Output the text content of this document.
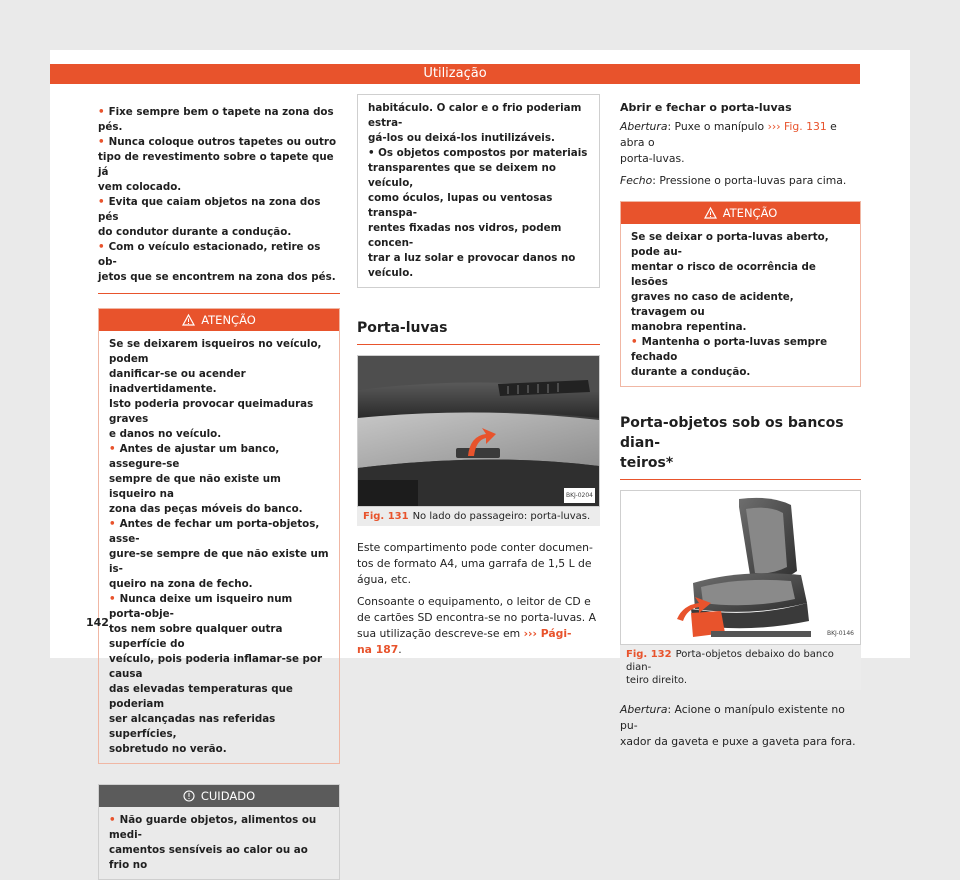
Utilização
• Fixe sempre bem o tapete na zona dos
pés.
• Nunca coloque outros tapetes ou outro
tipo de revestimento sobre o tapete que já
vem colocado.
• Evita que caiam objetos na zona dos pés
do condutor durante a condução.
• Com o veículo estacionado, retire os ob-
jetos que se encontrem na zona dos pés.
ATENÇÃO
Se se deixarem isqueiros no veículo, podem
danificar-se ou acender inadvertidamente.
Isto poderia provocar queimaduras graves
e danos no veículo.
• Antes de ajustar um banco, assegure-se
sempre de que não existe um isqueiro na
zona das peças móveis do banco.
• Antes de fechar um porta-objetos, asse-
gure-se sempre de que não existe um is-
queiro na zona de fecho.
• Nunca deixe um isqueiro num porta-obje-
tos nem sobre qualquer outra superfície do
veículo, pois poderia inflamar-se por causa
das elevadas temperaturas que poderiam
ser alcançadas nas referidas superfícies,
sobretudo no verão.
CUIDADO
• Não guarde objetos, alimentos ou medi-
camentos sensíveis ao calor ou ao frio no
habitáculo. O calor e o frio poderiam estra-
gá-los ou deixá-los inutilizáveis.
• Os objetos compostos por materiais
transparentes que se deixem no veículo,
como óculos, lupas ou ventosas transpa-
rentes fixadas nos vidros, podem concen-
trar a luz solar e provocar danos no veículo.
Porta-luvas
BKJ-0204
Fig. 131 No lado do passageiro: porta-luvas.
Este compartimento pode conter documen-
tos de formato A4, uma garrafa de 1,5 L de
água, etc.
Consoante o equipamento, o leitor de CD e
de cartões SD encontra-se no porta-luvas. A
sua utilização descreve-se em ››› Pági-
na 187.
Abrir e fechar o porta-luvas
Abertura: Puxe o manípulo ››› Fig. 131 e abra o
porta-luvas.
Fecho: Pressione o porta-luvas para cima.
ATENÇÃO
Se se deixar o porta-luvas aberto, pode au-
mentar o risco de ocorrência de lesões
graves no caso de acidente, travagem ou
manobra repentina.
• Mantenha o porta-luvas sempre fechado
durante a condução.
Porta-objetos sob os bancos dian-
teiros*
BKJ-0146
Fig. 132 Porta-objetos debaixo do banco dian-
teiro direito.
Abertura: Acione o manípulo existente no pu-
xador da gaveta e puxe a gaveta para fora.
142
